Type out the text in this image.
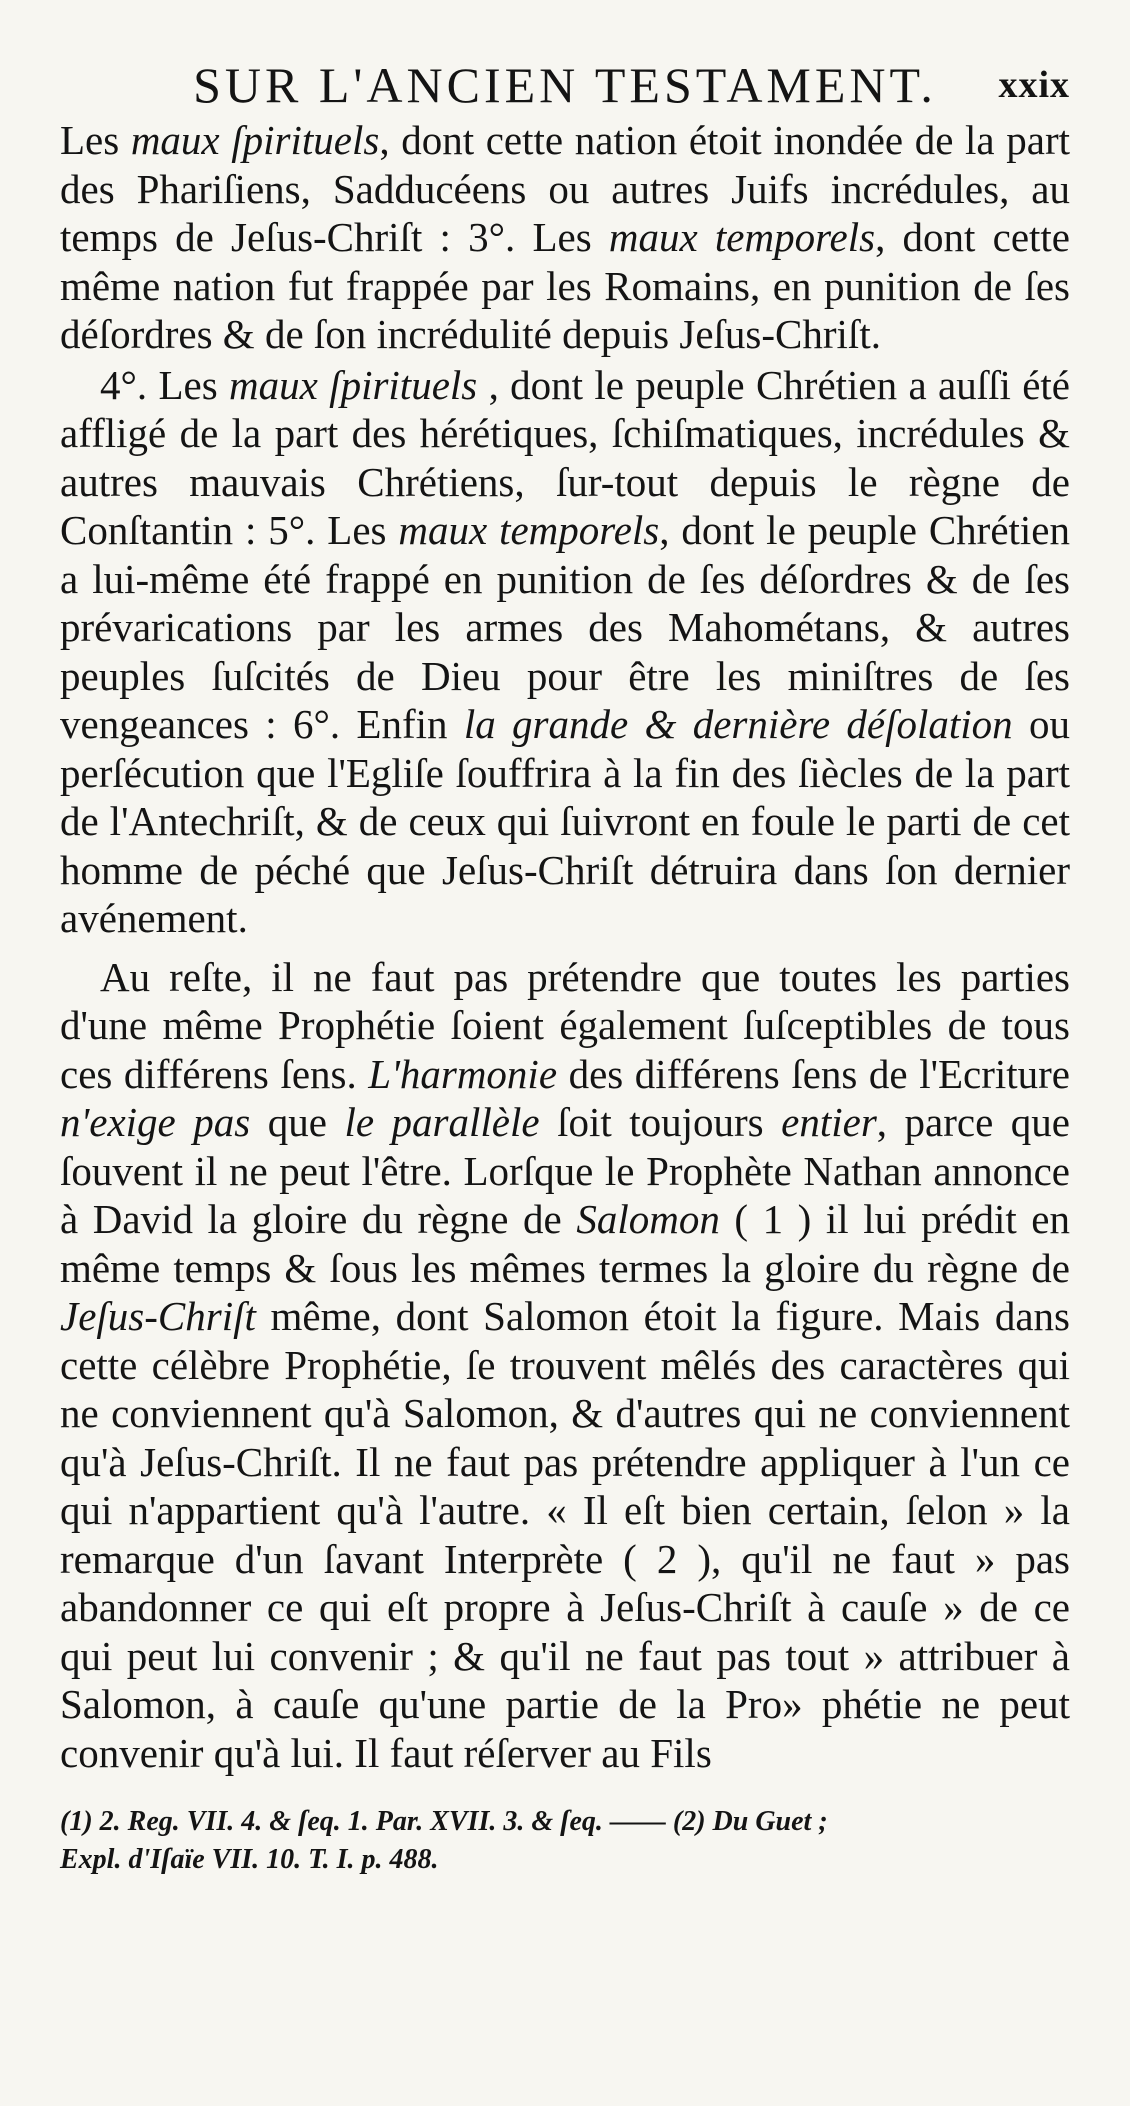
SUR L'ANCIEN TESTAMENT. xxix

Les maux ſpirituels, dont cette nation étoit inondée de la part des Phariſiens, Sadducéens ou autres Juifs incrédules, au temps de Jeſus-Chriſt : 3°. Les maux temporels, dont cette même nation fut frappée par les Romains, en punition de ſes déſordres & de ſon incrédulité depuis Jeſus-Chriſt.

4°. Les maux ſpirituels , dont le peuple Chrétien a auſſi été affligé de la part des hérétiques, ſchiſmatiques, incrédules & autres mauvais Chrétiens, ſur-tout depuis le règne de Conſtantin : 5°. Les maux temporels, dont le peuple Chrétien a lui-même été frappé en punition de ſes déſordres & de ſes prévarications par les armes des Mahométans, & autres peuples ſuſcités de Dieu pour être les miniſtres de ſes vengeances : 6°. Enfin la grande & dernière déſolation ou perſécution que l'Egliſe ſouffrira à la fin des ſiècles de la part de l'Antechriſt, & de ceux qui ſuivront en foule le parti de cet homme de péché que Jeſus-Chriſt détruira dans ſon dernier avénement.

Au reſte, il ne faut pas prétendre que toutes les parties d'une même Prophétie ſoient également ſuſceptibles de tous ces différens ſens. L'harmonie des différens ſens de l'Ecriture n'exige pas que le parallèle ſoit toujours entier, parce que ſouvent il ne peut l'être. Lorſque le Prophète Nathan annonce à David la gloire du règne de Salomon ( 1 ) il lui prédit en même temps & ſous les mêmes termes la gloire du règne de Jeſus-Chriſt même, dont Salomon étoit la figure. Mais dans cette célèbre Prophétie, ſe trouvent mêlés des caractères qui ne conviennent qu'à Salomon, & d'autres qui ne conviennent qu'à Jeſus-Chriſt. Il ne faut pas prétendre appliquer à l'un ce qui n'appartient qu'à l'autre. « Il eſt bien certain, ſelon » la remarque d'un ſavant Interprète ( 2 ), qu'il ne faut » pas abandonner ce qui eſt propre à Jeſus-Chriſt à cauſe » de ce qui peut lui convenir ; & qu'il ne faut pas tout » attribuer à Salomon, à cauſe qu'une partie de la Pro» phétie ne peut convenir qu'à lui. Il faut réſerver au Fils

(1) 2. Reg. VII. 4. & ſeq. 1. Par. XVII. 3. & ſeq. —— (2) Du Guet ;
Expl. d'Iſaïe VII. 10. T. I. p. 488.
